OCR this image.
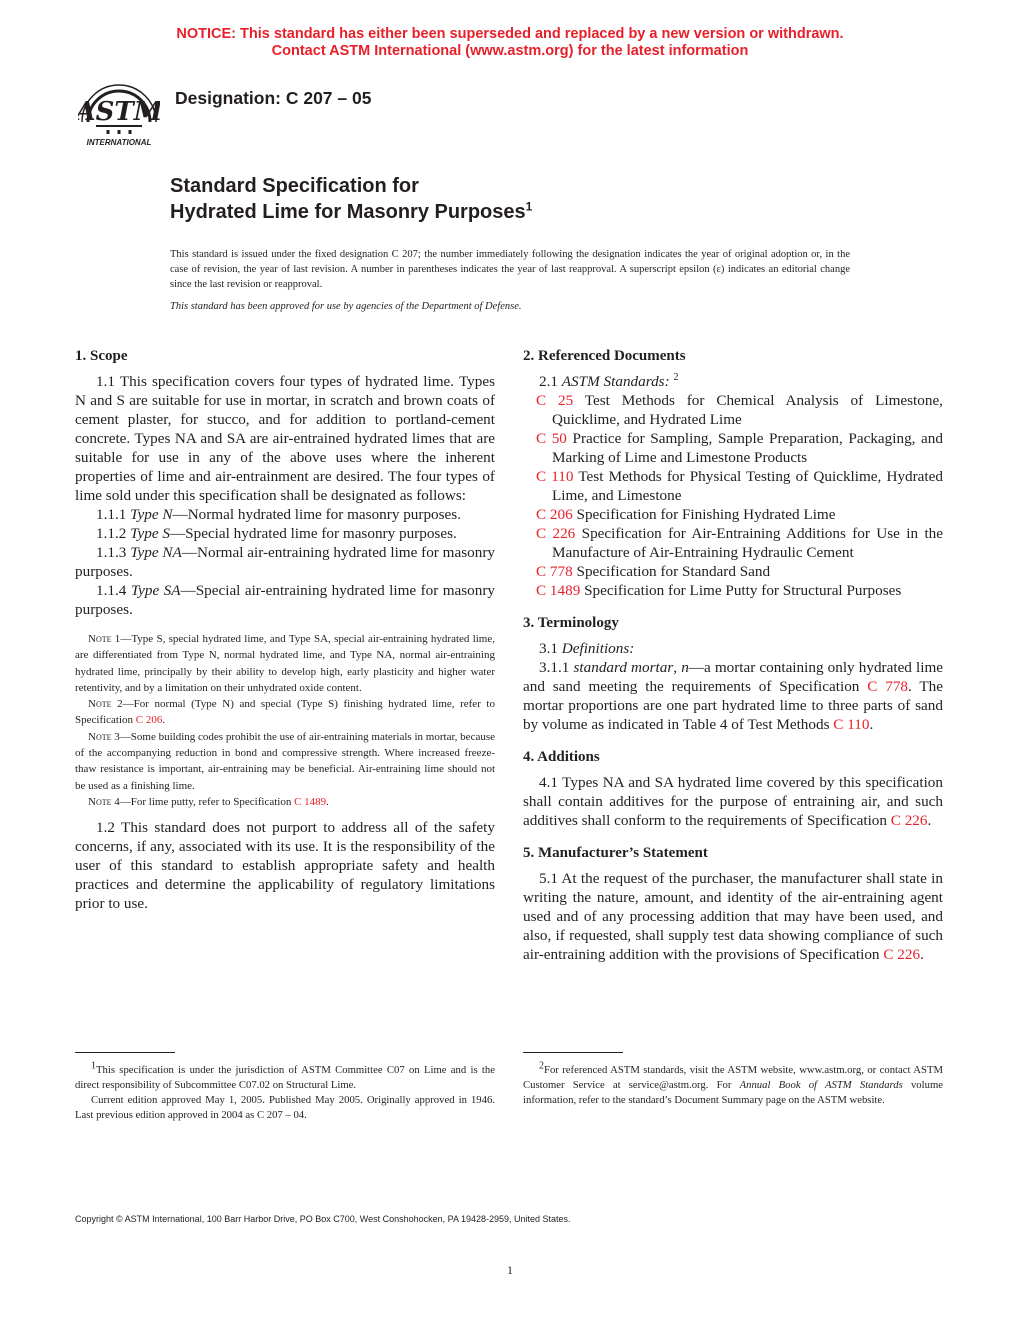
NOTICE: This standard has either been superseded and replaced by a new version or withdrawn.
Contact ASTM International (www.astm.org) for the latest information
ASTM
INTERNATIONAL
Designation: C 207 – 05
Standard Specification for
Hydrated Lime for Masonry Purposes$^1$
This standard is issued under the fixed designation C 207; the number immediately following the designation indicates the year of original adoption or, in the case of revision, the year of last revision. A number in parentheses indicates the year of last reapproval. A superscript epsilon (ε) indicates an editorial change since the last revision or reapproval.
This standard has been approved for use by agencies of the Department of Defense.
1. Scope

1.1 This specification covers four types of hydrated lime. Types N and S are suitable for use in mortar, in scratch and brown coats of cement plaster, for stucco, and for addition to portland-cement concrete. Types NA and SA are air-entrained hydrated limes that are suitable for use in any of the above uses where the inherent properties of lime and air-entrainment are desired. The four types of lime sold under this specification shall be designated as follows:

1.1.1 Type N—Normal hydrated lime for masonry purposes.

1.1.2 Type S—Special hydrated lime for masonry purposes.

1.1.3 Type NA—Normal air-entraining hydrated lime for masonry purposes.

1.1.4 Type SA—Special air-entraining hydrated lime for masonry purposes.

Note 1—Type S, special hydrated lime, and Type SA, special air-entraining hydrated lime, are differentiated from Type N, normal hydrated lime, and Type NA, normal air-entraining hydrated lime, principally by their ability to develop high, early plasticity and higher water retentivity, and by a limitation on their unhydrated oxide content.

Note 2—For normal (Type N) and special (Type S) finishing hydrated lime, refer to Specification C 206.

Note 3—Some building codes prohibit the use of air-entraining materials in mortar, because of the accompanying reduction in bond and compressive strength. Where increased freeze-thaw resistance is important, air-entraining may be beneficial. Air-entraining lime should not be used as a finishing lime.

Note 4—For lime putty, refer to Specification C 1489.

1.2 This standard does not purport to address all of the safety concerns, if any, associated with its use. It is the responsibility of the user of this standard to establish appropriate safety and health practices and determine the applicability of regulatory limitations prior to use.

2. Referenced Documents

2.1 ASTM Standards: $^2$

C 25 Test Methods for Chemical Analysis of Limestone, Quicklime, and Hydrated Lime

C 50 Practice for Sampling, Sample Preparation, Packaging, and Marking of Lime and Limestone Products

C 110 Test Methods for Physical Testing of Quicklime, Hydrated Lime, and Limestone

C 206 Specification for Finishing Hydrated Lime

C 226 Specification for Air-Entraining Additions for Use in the Manufacture of Air-Entraining Hydraulic Cement

C 778 Specification for Standard Sand

C 1489 Specification for Lime Putty for Structural Purposes

3. Terminology

3.1 Definitions:

3.1.1 standard mortar, n—a mortar containing only hydrated lime and sand meeting the requirements of Specification C 778. The mortar proportions are one part hydrated lime to three parts of sand by volume as indicated in Table 4 of Test Methods C 110.

4. Additions

4.1 Types NA and SA hydrated lime covered by this specification shall contain additives for the purpose of entraining air, and such additives shall conform to the requirements of Specification C 226.

5. Manufacturer’s Statement

5.1 At the request of the purchaser, the manufacturer shall state in writing the nature, amount, and identity of the air-entraining agent used and of any processing addition that may have been used, and also, if requested, shall supply test data showing compliance of such air-entraining addition with the provisions of Specification C 226.

1This specification is under the jurisdiction of ASTM Committee C07 on Lime and is the direct responsibility of Subcommittee C07.02 on Structural Lime.

Current edition approved May 1, 2005. Published May 2005. Originally approved in 1946. Last previous edition approved in 2004 as C 207 – 04.

2For referenced ASTM standards, visit the ASTM website, www.astm.org, or contact ASTM Customer Service at service@astm.org. For Annual Book of ASTM Standards volume information, refer to the standard’s Document Summary page on the ASTM website.

Copyright © ASTM International, 100 Barr Harbor Drive, PO Box C700, West Conshohocken, PA 19428-2959, United States.
1
